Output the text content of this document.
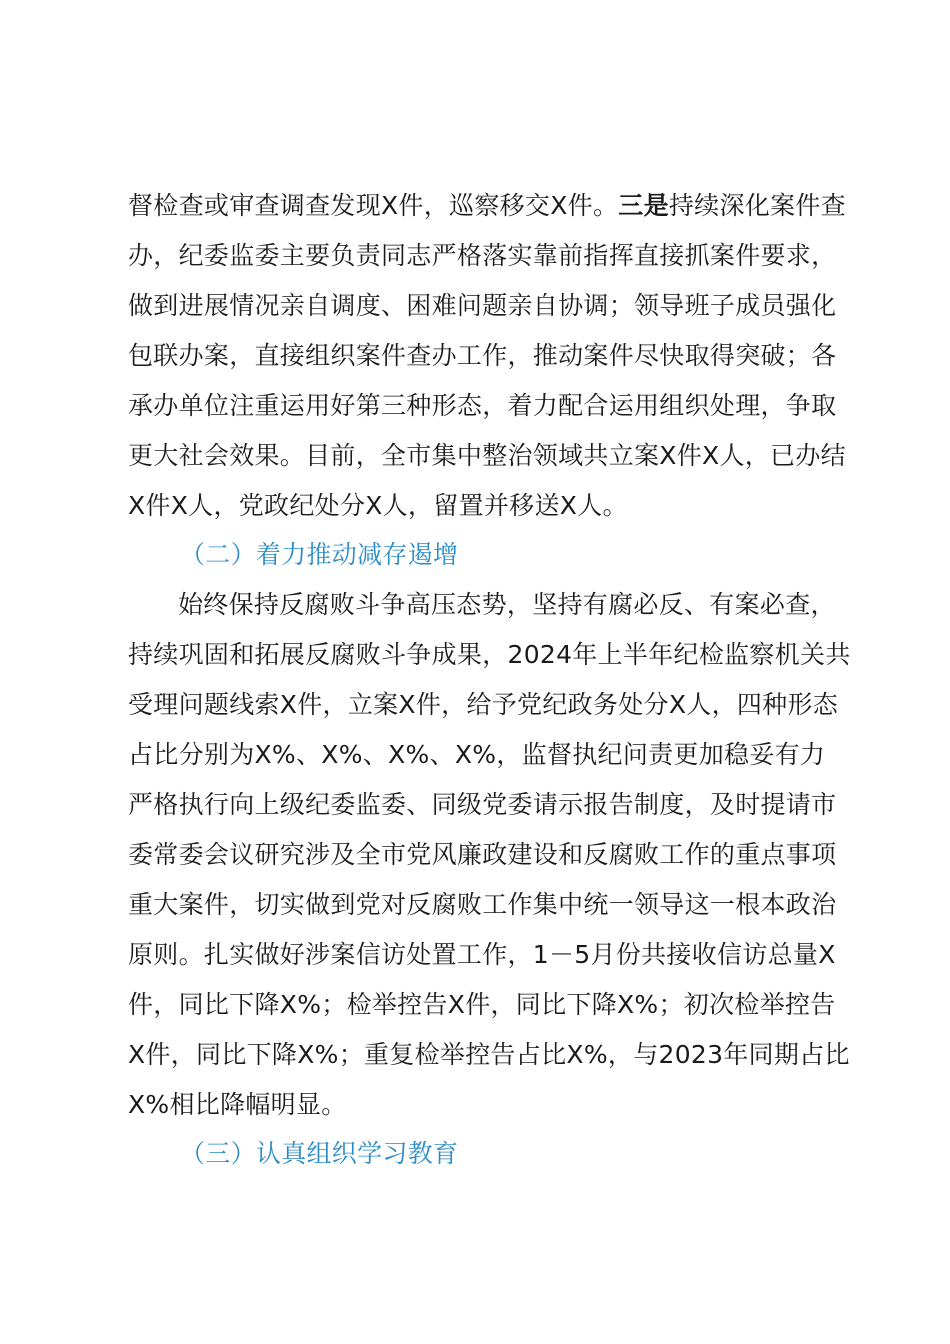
督检查或审查调查发现X件，巡察移交X件。三是持续深化案件查
办，纪委监委主要负责同志严格落实靠前指挥直接抓案件要求，
做到进展情况亲自调度、困难问题亲自协调；领导班子成员强化
包联办案，直接组织案件查办工作，推动案件尽快取得突破；各
承办单位注重运用好第三种形态，着力配合运用组织处理，争取
更大社会效果。目前，全市集中整治领域共立案X件X人，已办结
X件X人，党政纪处分X人，留置并移送X人。
（二）着力推动减存遏增
始终保持反腐败斗争高压态势，坚持有腐必反、有案必查，
持续巩固和拓展反腐败斗争成果，2024年上半年纪检监察机关共
受理问题线索X件，立案X件，给予党纪政务处分X人，四种形态
占比分别为X%、X%、X%、X%，监督执纪问责更加稳妥有力
严格执行向上级纪委监委、同级党委请示报告制度，及时提请市
委常委会议研究涉及全市党风廉政建设和反腐败工作的重点事项
重大案件，切实做到党对反腐败工作集中统一领导这一根本政治
原则。扎实做好涉案信访处置工作，1－5月份共接收信访总量X
件，同比下降X%；检举控告X件，同比下降X%；初次检举控告
X件，同比下降X%；重复检举控告占比X%，与2023年同期占比
X%相比降幅明显。
（三）认真组织学习教育
